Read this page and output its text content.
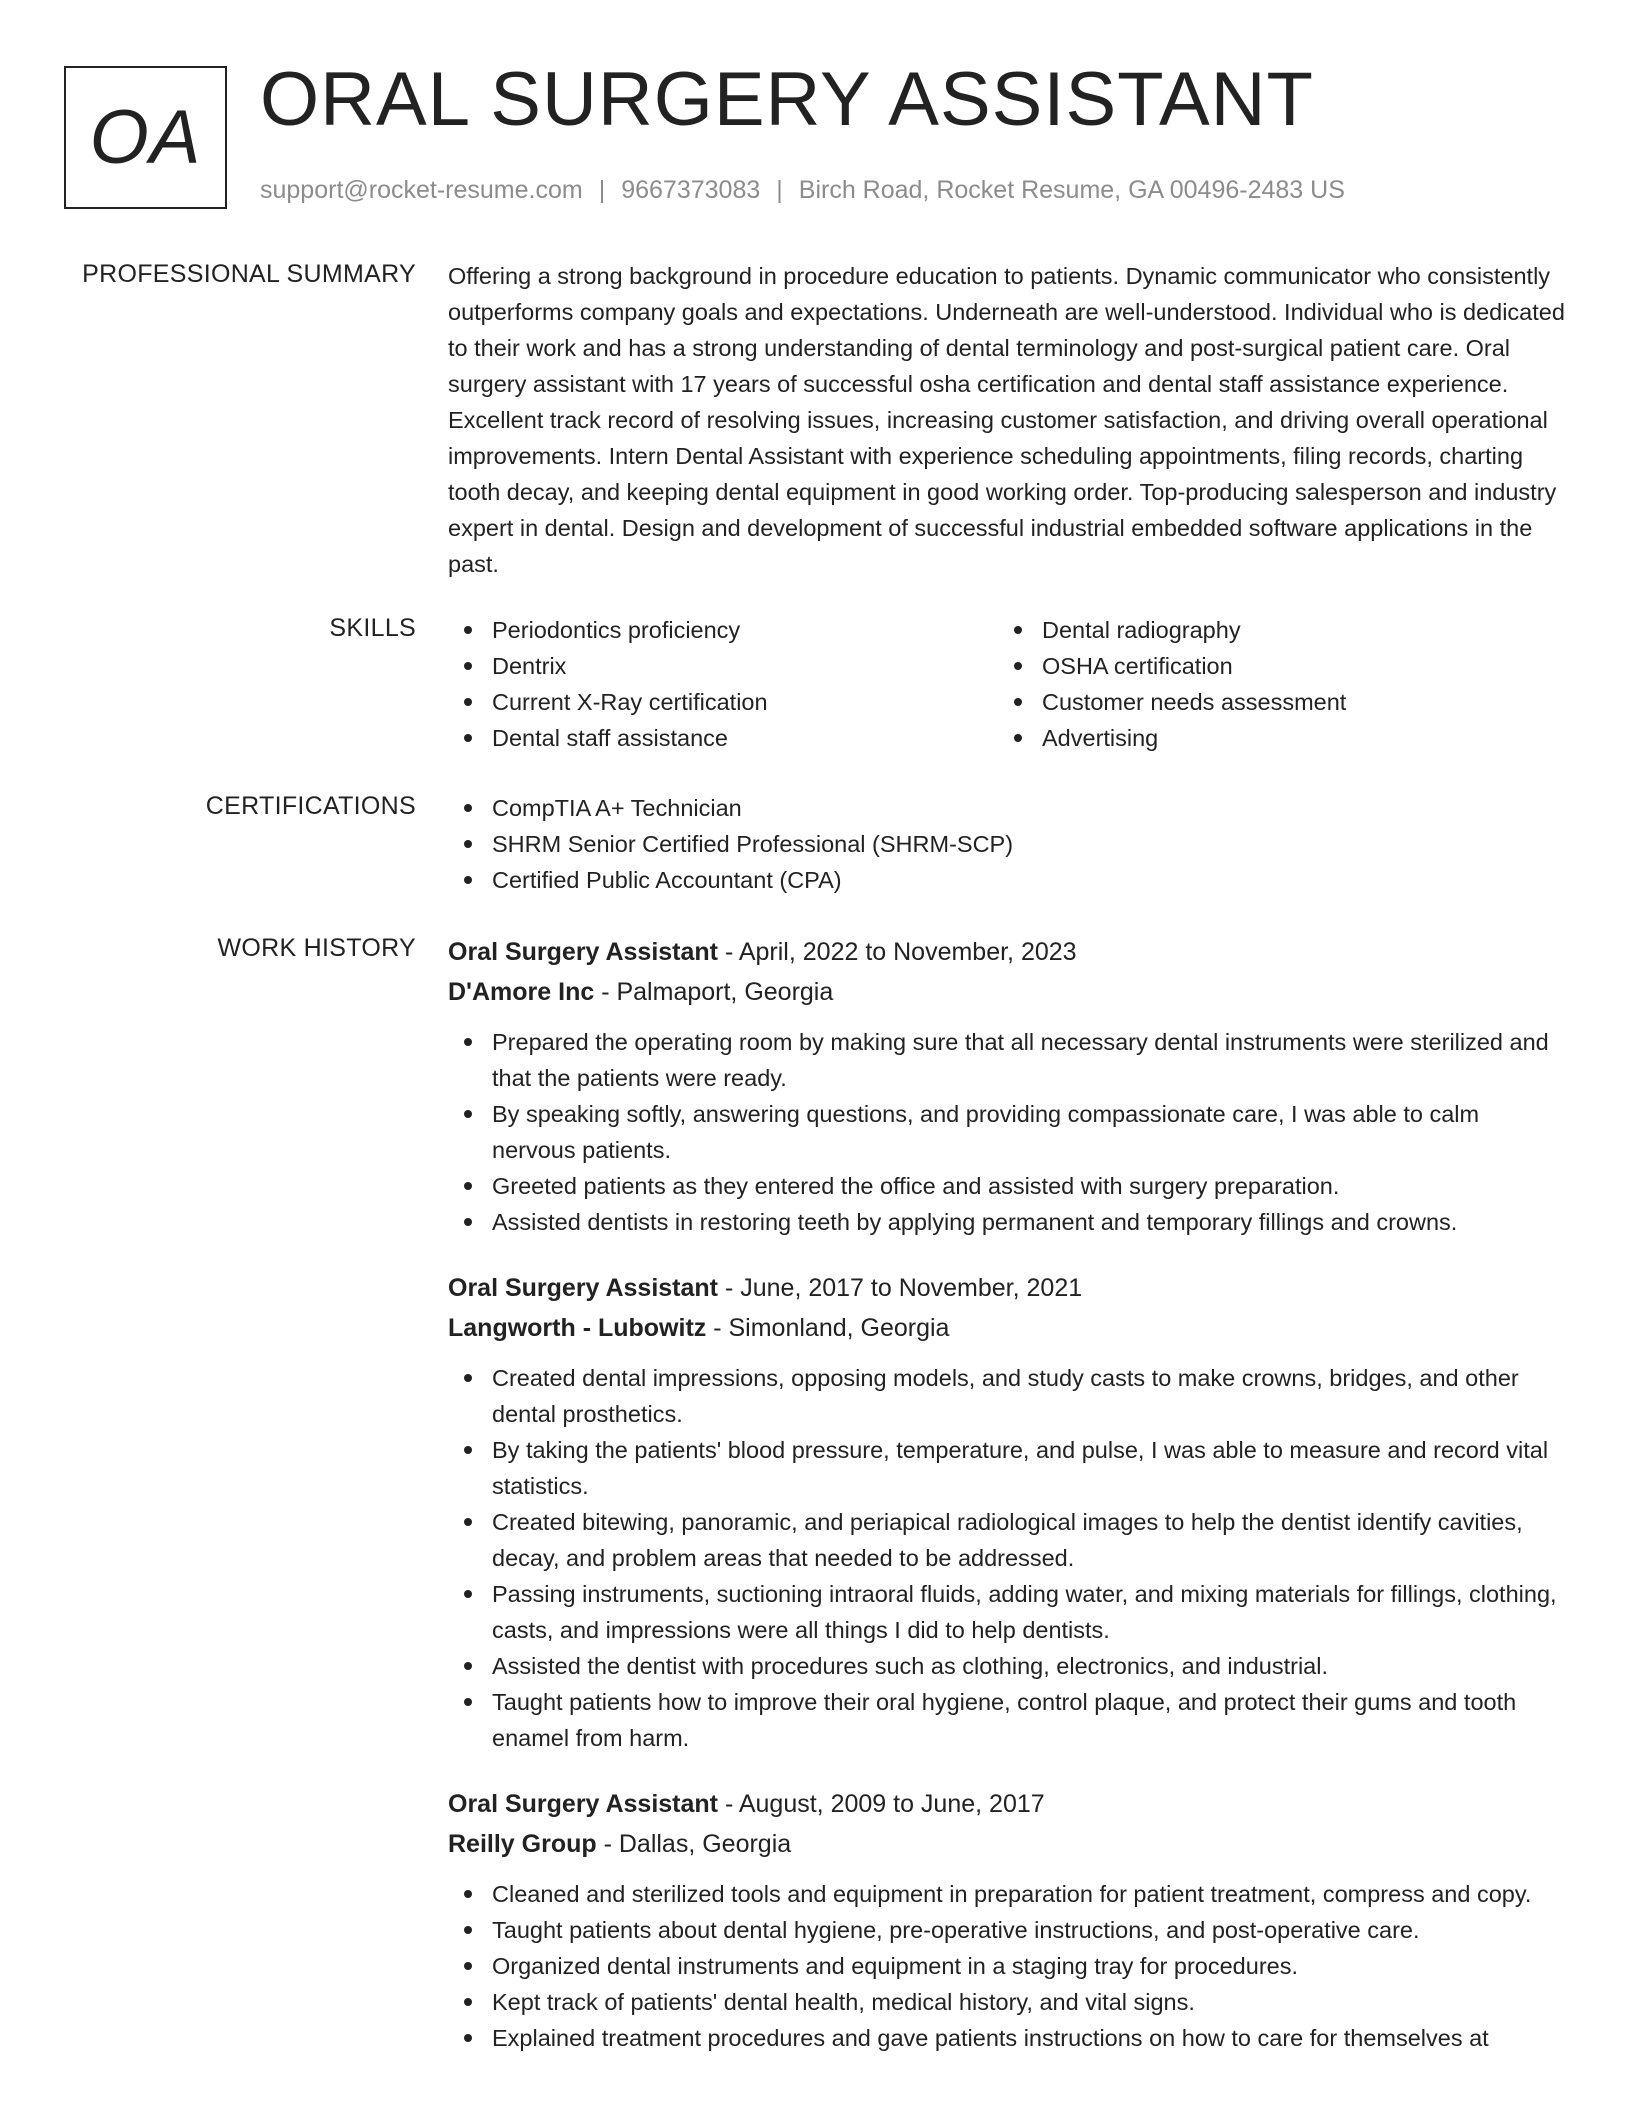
OA ORAL SURGERY ASSISTANT
support@rocket-resume.com | 9667373083 | Birch Road, Rocket Resume, GA 00496-2483 US
PROFESSIONAL SUMMARY Offering a strong background in procedure education to patients. Dynamic communicator who consistently outperforms company goals and expectations. Underneath are well-understood. Individual who is dedicated to their work and has a strong understanding of dental terminology and post-surgical patient care. Oral surgery assistant with 17 years of successful osha certification and dental staff assistance experience. Excellent track record of resolving issues, increasing customer satisfaction, and driving overall operational improvements. Intern Dental Assistant with experience scheduling appointments, filing records, charting tooth decay, and keeping dental equipment in good working order. Top-producing salesperson and industry expert in dental. Design and development of successful industrial embedded software applications in the past.
SKILLS	Periodontics proficiency
Dentrix
Current X-Ray certification
Dental staff assistance
Dental radiography
OSHA certification
Customer needs assessment
Advertising
CERTIFICATIONS	CompTIA A+ Technician
SHRM Senior Certified Professional (SHRM-SCP)
Certified Public Accountant (CPA)
WORK HISTORY Oral Surgery Assistant - April, 2022 to November, 2023
D'Amore Inc - Palmaport, Georgia
Prepared the operating room by making sure that all necessary dental instruments were sterilized and that the patients were ready.
By speaking softly, answering questions, and providing compassionate care, I was able to calm nervous patients.
Greeted patients as they entered the office and assisted with surgery preparation.
Assisted dentists in restoring teeth by applying permanent and temporary fillings and crowns.
Oral Surgery Assistant - June, 2017 to November, 2021
Langworth - Lubowitz - Simonland, Georgia
Created dental impressions, opposing models, and study casts to make crowns, bridges, and other dental prosthetics.
By taking the patients' blood pressure, temperature, and pulse, I was able to measure and record vital statistics.
Created bitewing, panoramic, and periapical radiological images to help the dentist identify cavities, decay, and problem areas that needed to be addressed.
Passing instruments, suctioning intraoral fluids, adding water, and mixing materials for fillings, clothing, casts, and impressions were all things I did to help dentists.
Assisted the dentist with procedures such as clothing, electronics, and industrial.
Taught patients how to improve their oral hygiene, control plaque, and protect their gums and tooth enamel from harm.
Oral Surgery Assistant - August, 2009 to June, 2017
Reilly Group - Dallas, Georgia
Cleaned and sterilized tools and equipment in preparation for patient treatment, compress and copy.
Taught patients about dental hygiene, pre-operative instructions, and post-operative care.
Organized dental instruments and equipment in a staging tray for procedures.
Kept track of patients' dental health, medical history, and vital signs.
Explained treatment procedures and gave patients instructions on how to care for themselves at
